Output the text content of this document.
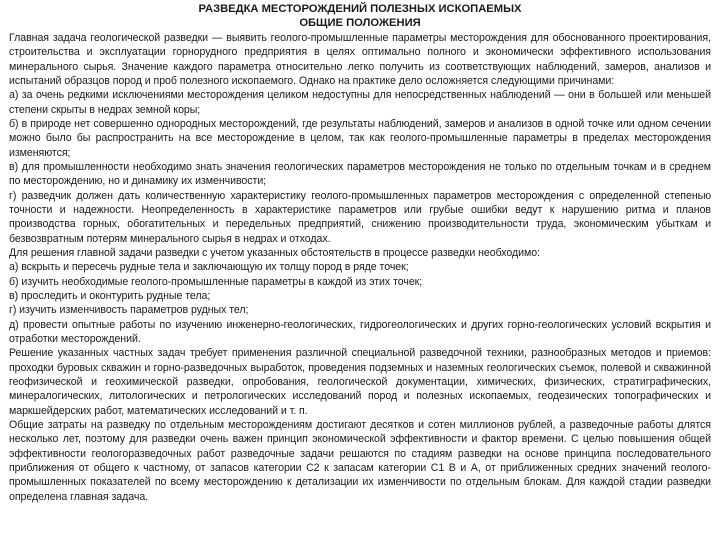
РАЗВЕДКА МЕСТОРОЖДЕНИЙ ПОЛЕЗНЫХ ИСКОПАЕМЫХ
ОБЩИЕ ПОЛОЖЕНИЯ

Главная задача геологической разведки — выявить геолого-промышленные параметры месторождения для обоснованного проектирования, строительства и эксплуатации горнорудного предприятия в целях оптимально полного и экономически эффективного использования минерального сырья. Значение каждого параметра относительно легко получить из соответствующих наблюдений, замеров, анализов и испытаний образцов пород и проб полезного ископаемого. Однако на практике дело осложняется следующими причинами:

а) за очень редкими исключениями месторождения целиком недоступны для непосредственных наблюдений — они в большей или меньшей степени скрыты в недрах земной коры;

б) в природе нет совершенно однородных месторождений, где результаты наблюдений, замеров и анализов в одной точке или одном сечении можно было бы распространить на все месторождение в целом, так как геолого-промышленные параметры в пределах месторождения изменяются;

в) для промышленности необходимо знать значения геологических параметров месторождения не только по отдельным точкам и в среднем по месторождению, но и динамику их изменчивости;

г) разведчик должен дать количественную характеристику геолого-промышленных параметров месторождения с определенной степенью точности и надежности. Неопределенность в характеристике параметров или грубые ошибки ведут к нарушению ритма и планов производства горных, обогатительных и передельных предприятий, снижению производительности труда, экономическим убыткам и безвозвратным потерям минерального сырья в недрах и отходах.

Для решения главной задачи разведки с учетом указанных обстоятельств в процессе разведки необходимо:

а) вскрыть и пересечь рудные тела и заключающую их толщу пород в ряде точек;

б) изучить необходимые геолого-промышленные параметры в каждой из этих точек;

в) проследить и оконтурить рудные тела;

г) изучить изменчивость параметров рудных тел;

д) провести опытные работы по изучению инженерно-геологических, гидрогеологических и других горно-геологических условий вскрытия и отработки месторождений.

Решение указанных частных задач требует применения различной специальной разведочной техники, разнообразных методов и приемов: проходки буровых скважин и горно-разведочных выработок, проведения подземных и наземных геологических съемок, полевой и скважинной геофизической и геохимической разведки, опробования, геологической документации, химических, физических, стратиграфических, минералогических, литологических и петрологических исследований пород и полезных ископаемых, геодезических топографических и маркшейдерских работ, математических исследований и т. п.

Общие затраты на разведку по отдельным месторождениям достигают десятков и сотен миллионов рублей, а разведочные работы длятся несколько лет, поэтому для разведки очень важен принцип экономической эффективности и фактор времени. С целью повышения общей эффективности геологоразведочных работ разведочные задачи решаются по стадиям разведки на основе принципа последовательного приближения от общего к частному, от запасов категории С2 к запасам категории С1 В и А, от приближенных средних значений геолого-промышленных показателей по всему месторождению к детализации их изменчивости по отдельным блокам. Для каждой стадии разведки определена главная задача.
